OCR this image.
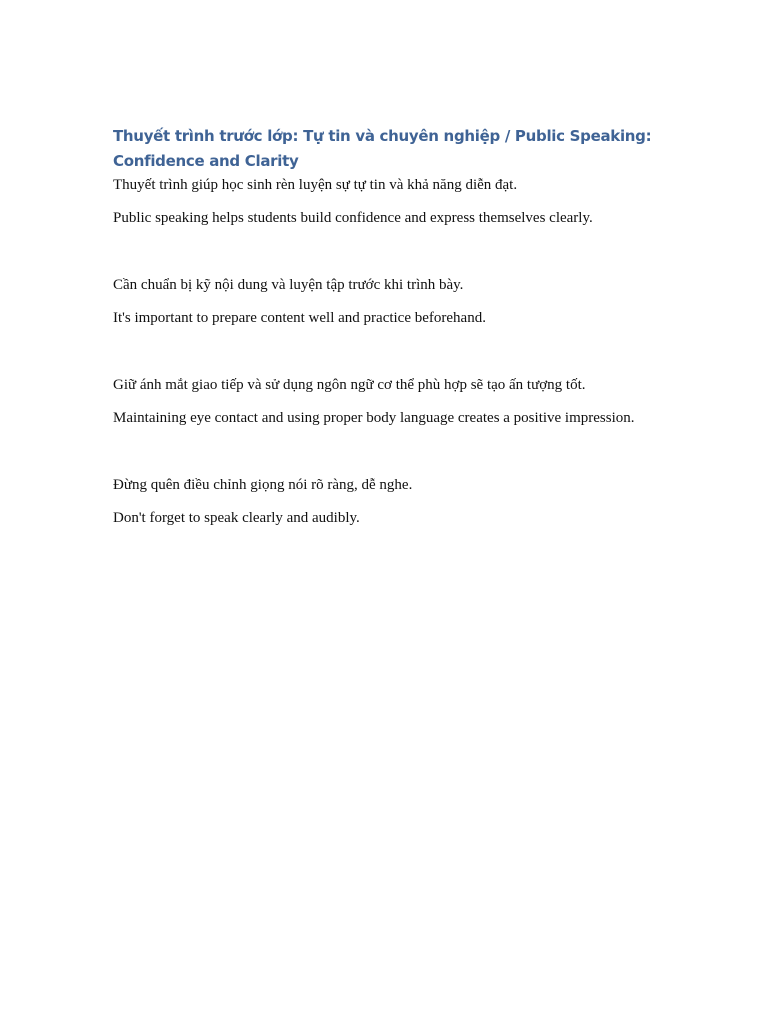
Thuyết trình trước lớp: Tự tin và chuyên nghiệp / Public Speaking: Confidence and Clarity

Thuyết trình giúp học sinh rèn luyện sự tự tin và khả năng diễn đạt.

Public speaking helps students build confidence and express themselves clearly.

Cần chuẩn bị kỹ nội dung và luyện tập trước khi trình bày.

It's important to prepare content well and practice beforehand.

Giữ ánh mắt giao tiếp và sử dụng ngôn ngữ cơ thể phù hợp sẽ tạo ấn tượng tốt.

Maintaining eye contact and using proper body language creates a positive impression.

Đừng quên điều chỉnh giọng nói rõ ràng, dễ nghe.

Don't forget to speak clearly and audibly.
